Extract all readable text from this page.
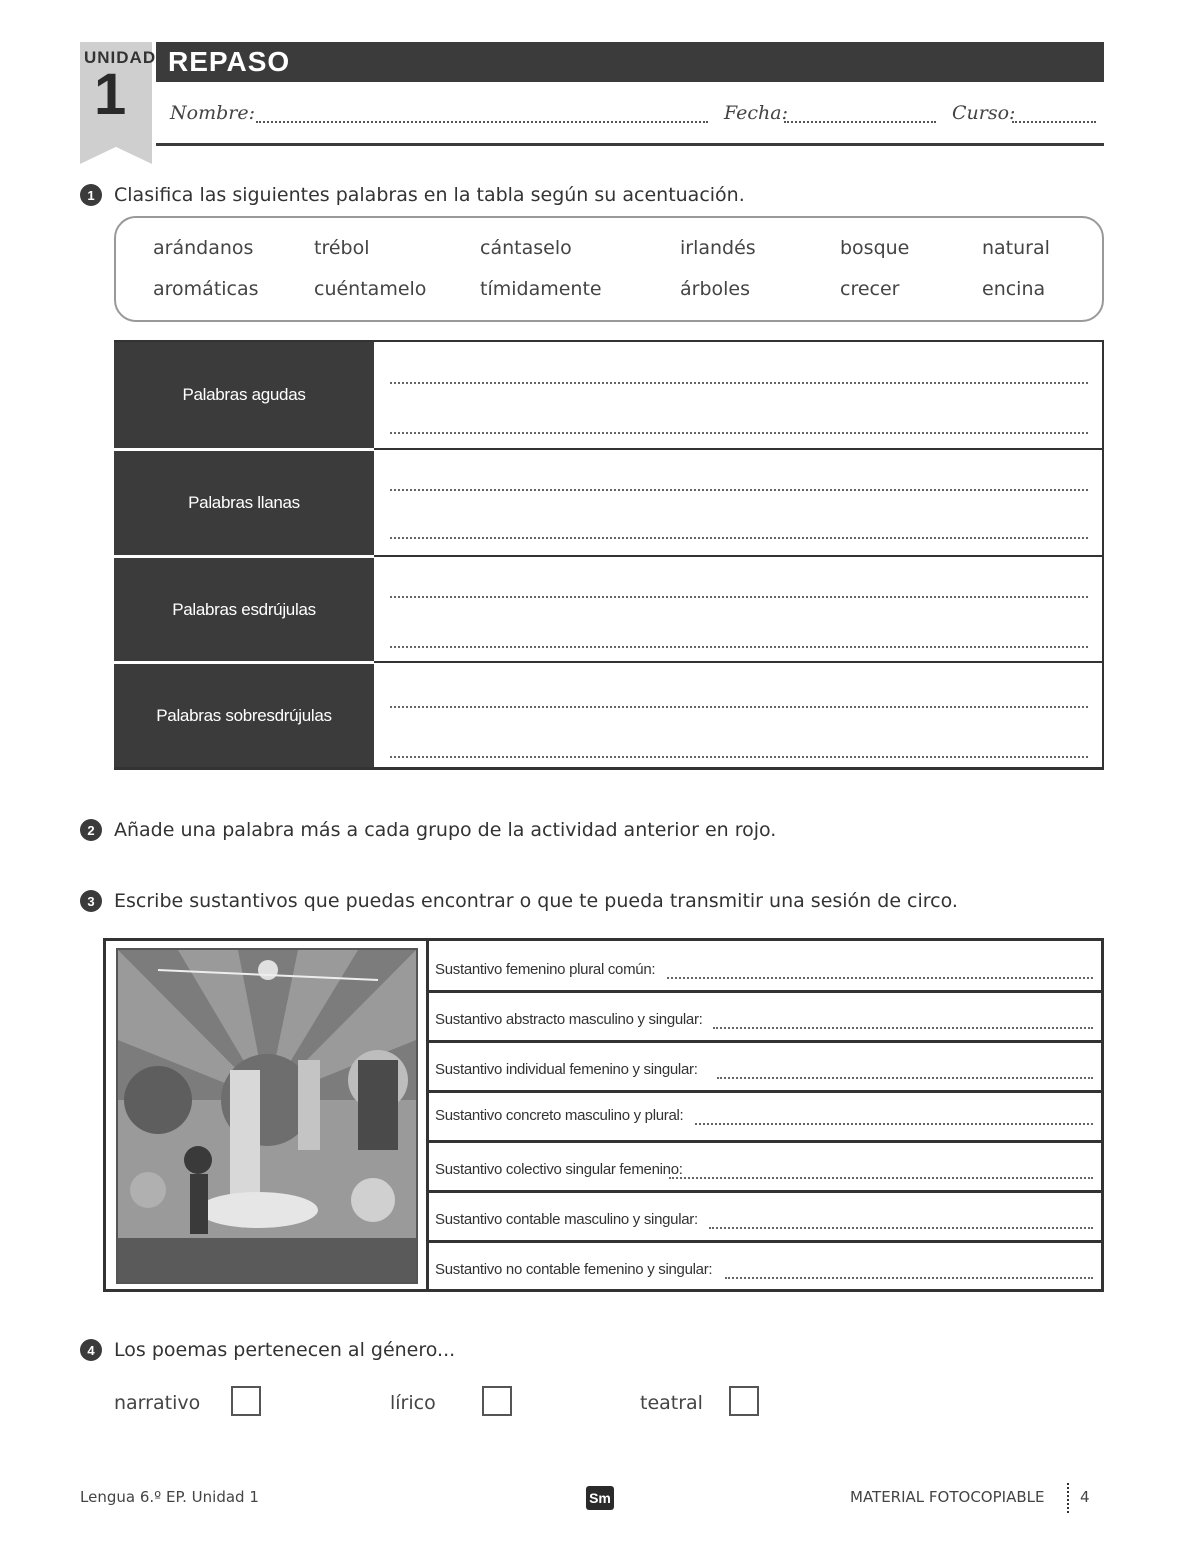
UNIDAD
1
REPASO
Nombre:	Fecha:	Curso:
1	Clasifica las siguientes palabras en la tabla según su acentuación.
arándanos	trébol	cántaselo	irlandés	bosque	natural
aromáticas	cuéntamelo	tímidamente	árboles	crecer	encina
Palabras agudas
Palabras llanas
Palabras esdrújulas
Palabras sobresdrújulas
2	Añade una palabra más a cada grupo de la actividad anterior en rojo.
3	Escribe sustantivos que puedas encontrar o que te pueda transmitir una sesión de circo.
Sustantivo femenino plural común:
Sustantivo abstracto masculino y singular:
Sustantivo individual femenino y singular:
Sustantivo concreto masculino y plural:
Sustantivo colectivo singular femenino:
Sustantivo contable masculino y singular:
Sustantivo no contable femenino y singular:
4	Los poemas pertenecen al género...
narrativo	lírico	teatral
Lengua 6.º EP. Unidad 1	Sm	MATERIAL FOTOCOPIABLE 4
